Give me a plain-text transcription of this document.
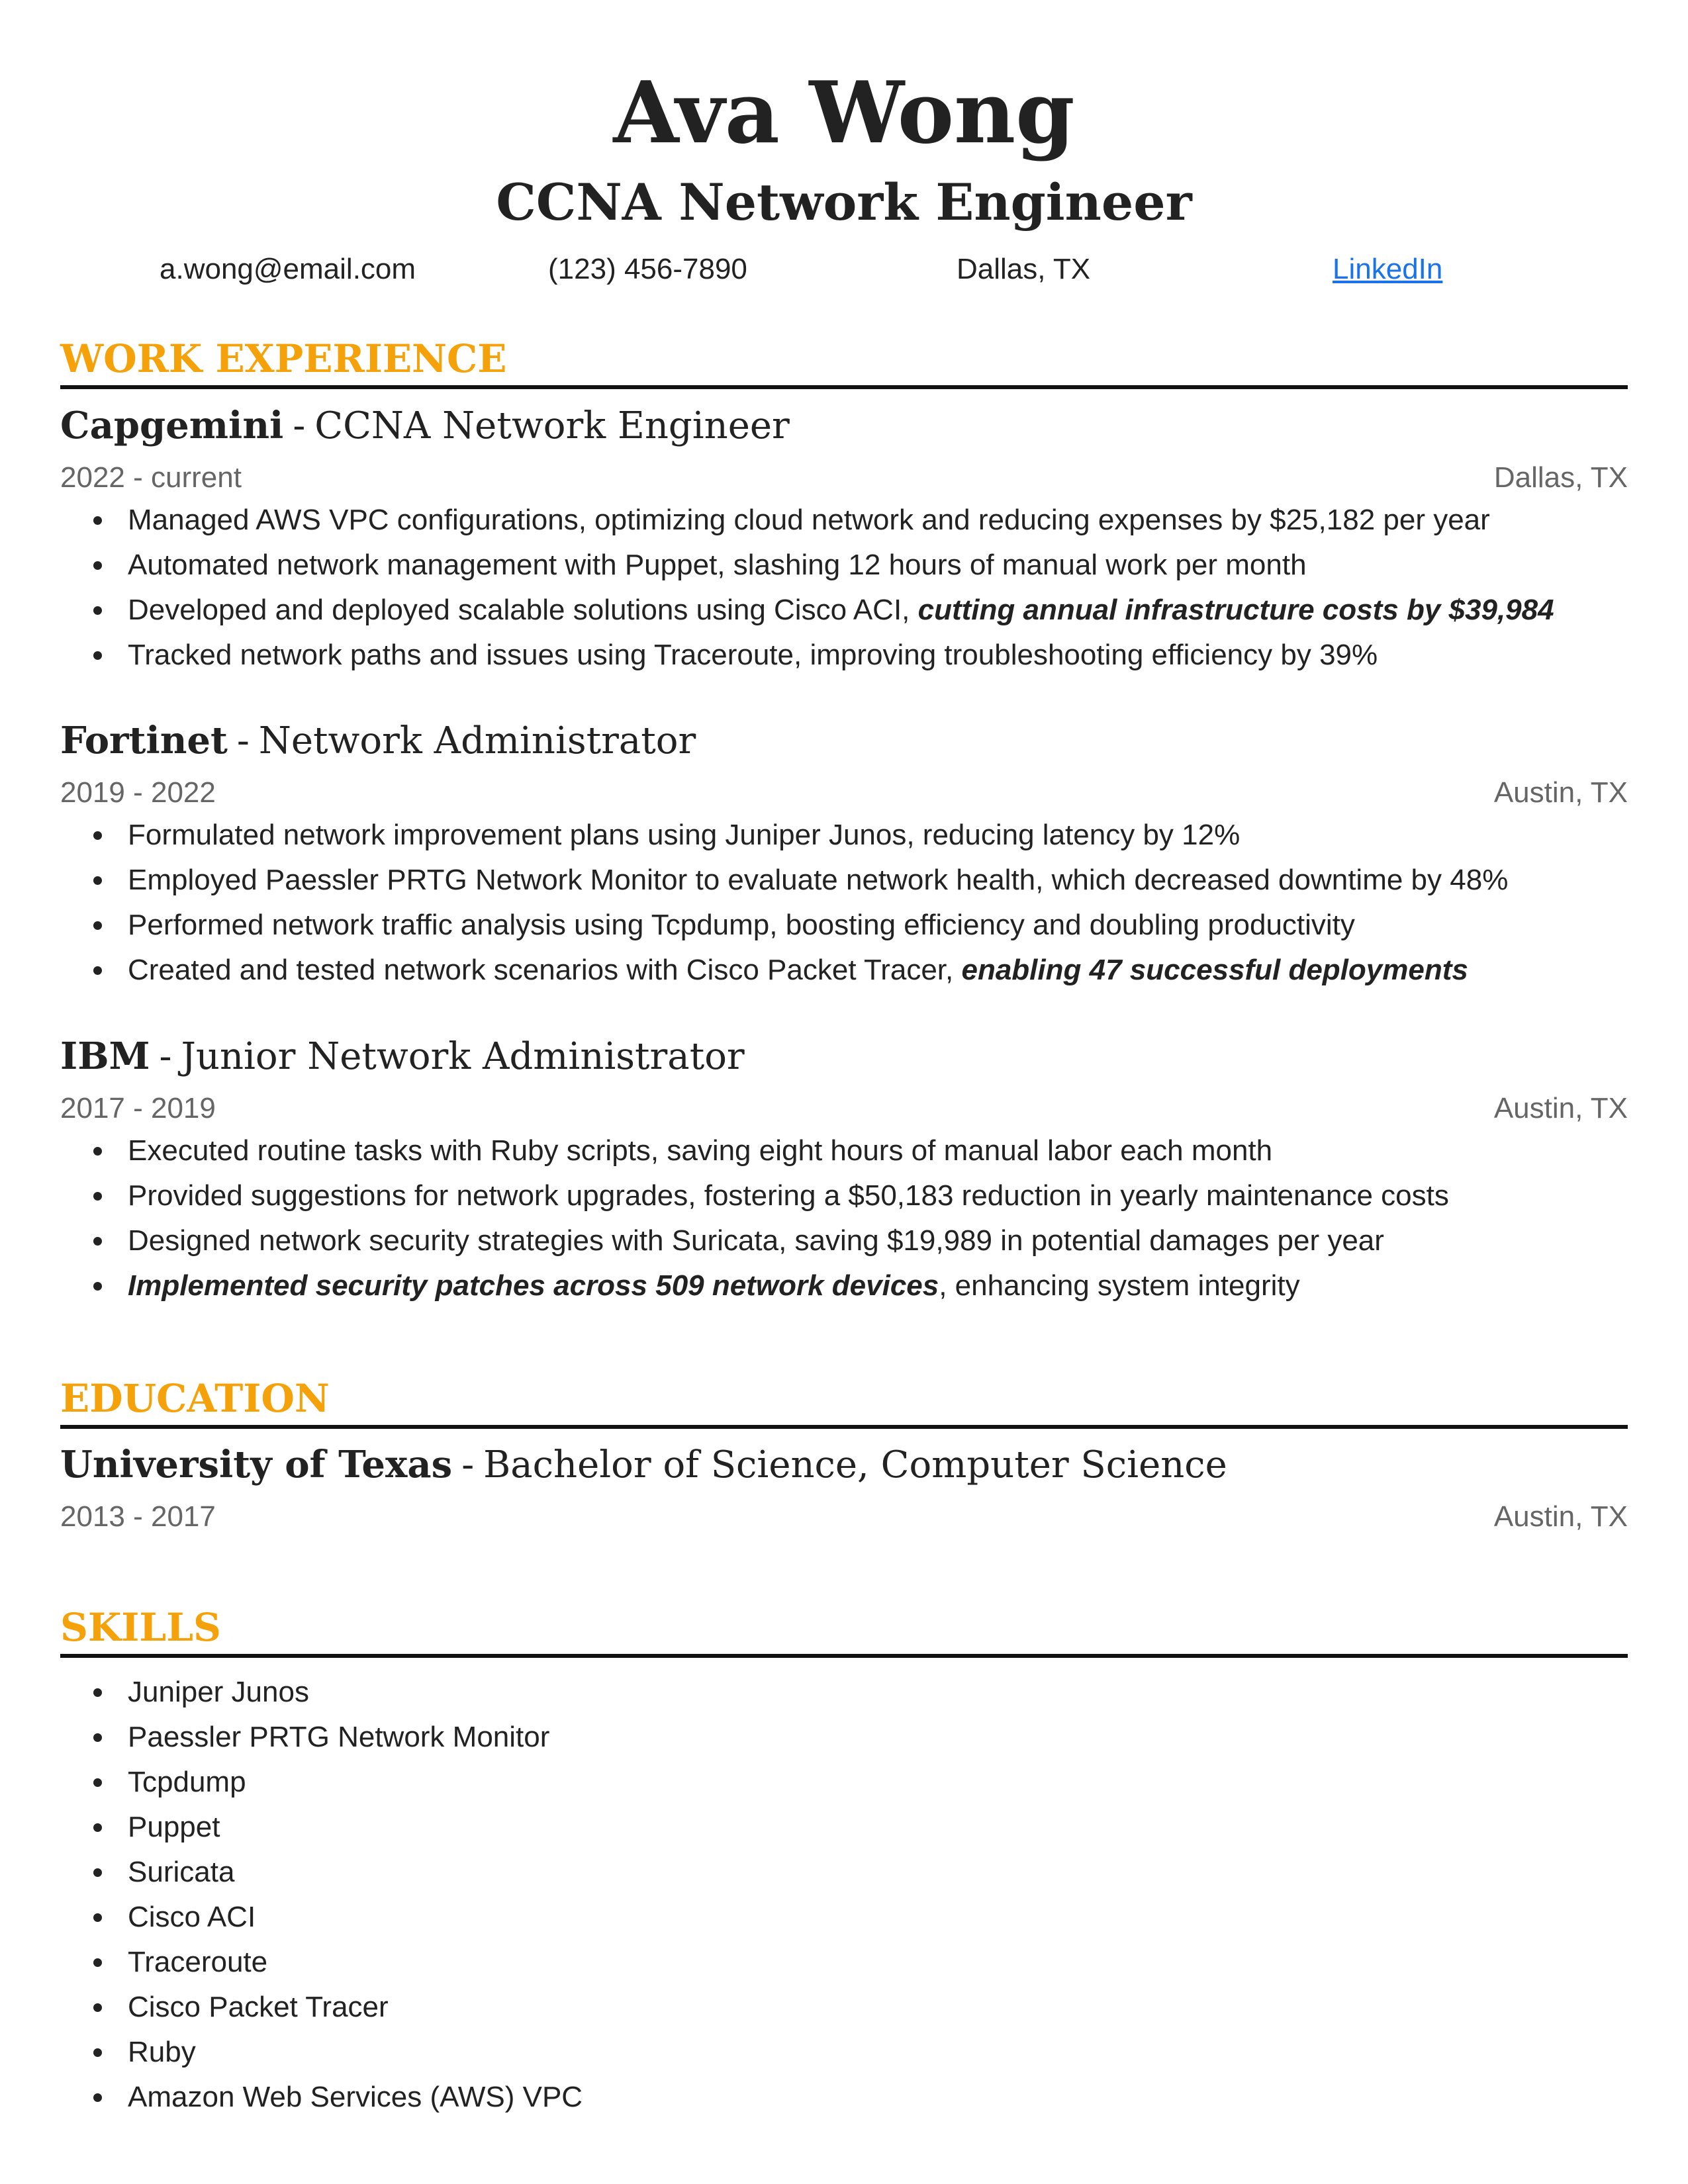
Ava Wong
CCNA Network Engineer
a.wong@email.com	(123) 456-7890	Dallas, TX	LinkedIn
WORK EXPERIENCE
Capgemini - CCNA Network Engineer
2022 - current	Dallas, TX
Managed AWS VPC configurations, optimizing cloud network and reducing expenses by $25,182 per year
Automated network management with Puppet, slashing 12 hours of manual work per month
Developed and deployed scalable solutions using Cisco ACI, cutting annual infrastructure costs by $39,984
Tracked network paths and issues using Traceroute, improving troubleshooting efficiency by 39%
Fortinet - Network Administrator
2019 - 2022	Austin, TX
Formulated network improvement plans using Juniper Junos, reducing latency by 12%
Employed Paessler PRTG Network Monitor to evaluate network health, which decreased downtime by 48%
Performed network traffic analysis using Tcpdump, boosting efficiency and doubling productivity
Created and tested network scenarios with Cisco Packet Tracer, enabling 47 successful deployments
IBM - Junior Network Administrator
2017 - 2019	Austin, TX
Executed routine tasks with Ruby scripts, saving eight hours of manual labor each month
Provided suggestions for network upgrades, fostering a $50,183 reduction in yearly maintenance costs
Designed network security strategies with Suricata, saving $19,989 in potential damages per year
Implemented security patches across 509 network devices, enhancing system integrity
EDUCATION
University of Texas - Bachelor of Science, Computer Science
2013 - 2017	Austin, TX
SKILLS
Juniper Junos
Paessler PRTG Network Monitor
Tcpdump
Puppet
Suricata
Cisco ACI
Traceroute
Cisco Packet Tracer
Ruby
Amazon Web Services (AWS) VPC
